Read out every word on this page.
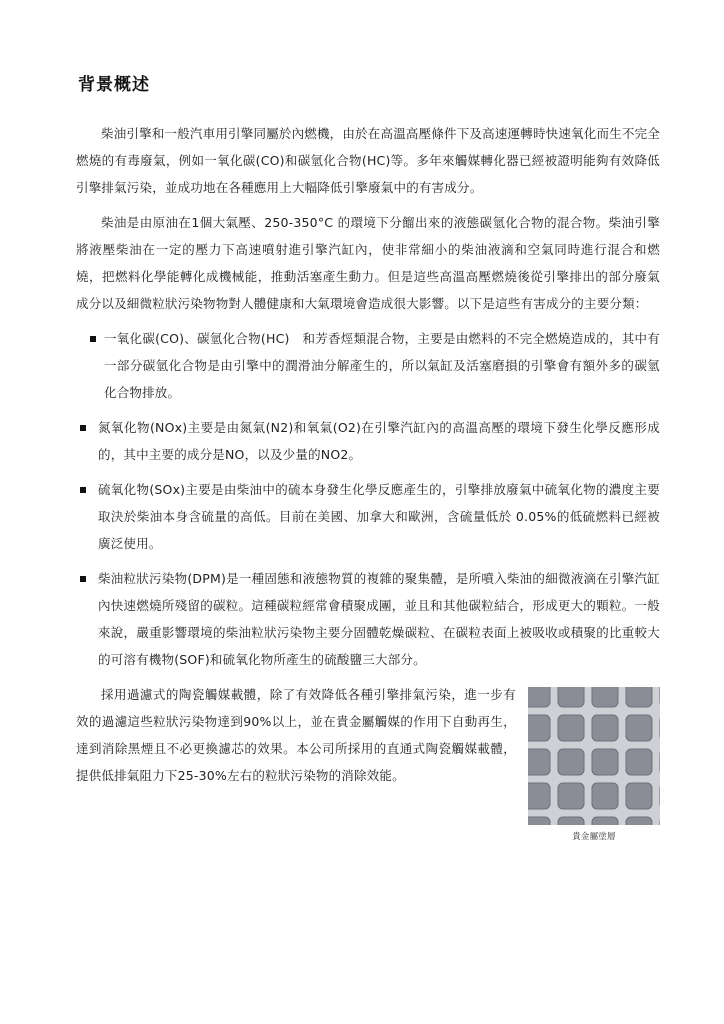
背景概述

柴油引擎和一般汽車用引擎同屬於內燃機，由於在高溫高壓條件下及高速運轉時快速氧化而生不完全燃燒的有毒廢氣，例如一氧化碳(CO)和碳氫化合物(HC)等。多年來觸媒轉化器已經被證明能夠有效降低引擎排氣污染，並成功地在各種應用上大幅降低引擎廢氣中的有害成分。

柴油是由原油在1個大氣壓、250-350°C 的環境下分餾出來的液態碳氫化合物的混合物。柴油引擎將液壓柴油在一定的壓力下高速噴射進引擎汽缸內，使非常細小的柴油液滴和空氣同時進行混合和燃燒，把燃料化學能轉化成機械能，推動活塞產生動力。但是這些高溫高壓燃燒後從引擎排出的部分廢氣成分以及細微粒狀污染物物對人體健康和大氣環境會造成很大影響。以下是這些有害成分的主要分類：

一氧化碳(CO)、碳氫化合物(HC)　和芳香烴類混合物，主要是由燃料的不完全燃燒造成的，其中有一部分碳氫化合物是由引擎中的潤滑油分解產生的，所以氣缸及活塞磨損的引擎會有額外多的碳氫化合物排放。
氮氧化物(NOx)主要是由氮氣(N2)和氧氣(O2)在引擎汽缸內的高溫高壓的環境下發生化學反應形成的，其中主要的成分是NO，以及少量的NO2。
硫氧化物(SOx)主要是由柴油中的硫本身發生化學反應產生的，引擎排放廢氣中硫氧化物的濃度主要取決於柴油本身含硫量的高低。目前在美國、加拿大和歐洲，含硫量低於 0.05%的低硫燃料已經被廣泛使用。
柴油粒狀污染物(DPM)是一種固態和液態物質的複雜的聚集體，是所噴入柴油的細微液滴在引擎汽缸內快速燃燒所殘留的碳粒。這種碳粒經常會積聚成團，並且和其他碳粒結合，形成更大的顆粒。一般來說，嚴重影響環境的柴油粒狀污染物主要分固體乾燥碳粒、在碳粒表面上被吸收或積聚的比重較大的可溶有機物(SOF)和硫氧化物所產生的硫酸鹽三大部分。

採用過濾式的陶瓷觸媒載體，除了有效降低各種引擎排氣污染，進一步有效的過濾這些粒狀污染物達到90%以上，並在貴金屬觸媒的作用下自動再生，達到消除黑煙且不必更換濾芯的效果。本公司所採用的直通式陶瓷觸媒載體，提供低排氣阻力下25-30%左右的粒狀污染物的消除效能。

貴金屬塗層
